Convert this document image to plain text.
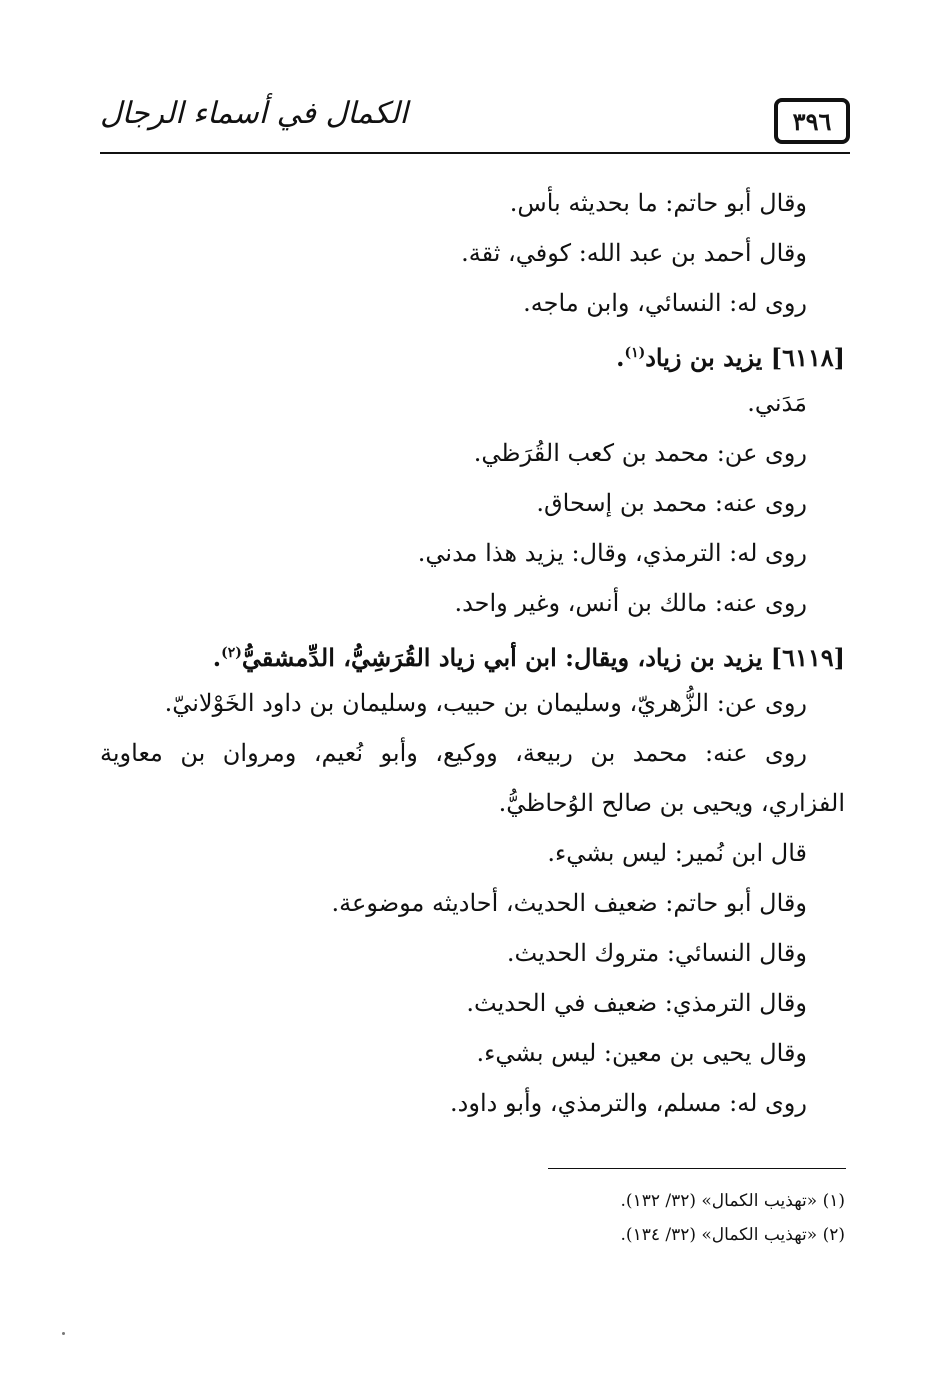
٣٩٦
الكمال في أسماء الرجال
وقال أبو حاتم: ما بحديثه بأس.
وقال أحمد بن عبد الله: كوفي، ثقة.
روى له: النسائي، وابن ماجه.
[٦١١٨] يزيد بن زياد$^{(١)}$.
مَدَني.
روى عن: محمد بن كعب القُرَظي.
روى عنه: محمد بن إسحاق.
روى له: الترمذي، وقال: يزيد هذا مدني.
روى عنه: مالك بن أنس، وغير واحد.
[٦١١٩] يزيد بن زياد، ويقال: ابن أبي زياد القُرَشِيُّ، الدِّمشقيُّ$^{(٢)}$.
روى عن: الزُّهريّ، وسليمان بن حبيب، وسليمان بن داود الخَوْلانيّ.
روى عنه: محمد بن ربيعة، ووكيع، وأبو نُعيم، ومروان بن معاوية
الفزاري، ويحيى بن صالح الوُحاظيُّ.
قال ابن نُمير: ليس بشيء.
وقال أبو حاتم: ضعيف الحديث، أحاديثه موضوعة.
وقال النسائي: متروك الحديث.
وقال الترمذي: ضعيف في الحديث.
وقال يحيى بن معين: ليس بشيء.
روى له: مسلم، والترمذي، وأبو داود.
(١) «تهذيب الكمال» (٣٢/ ١٣٢).
(٢) «تهذيب الكمال» (٣٢/ ١٣٤).
